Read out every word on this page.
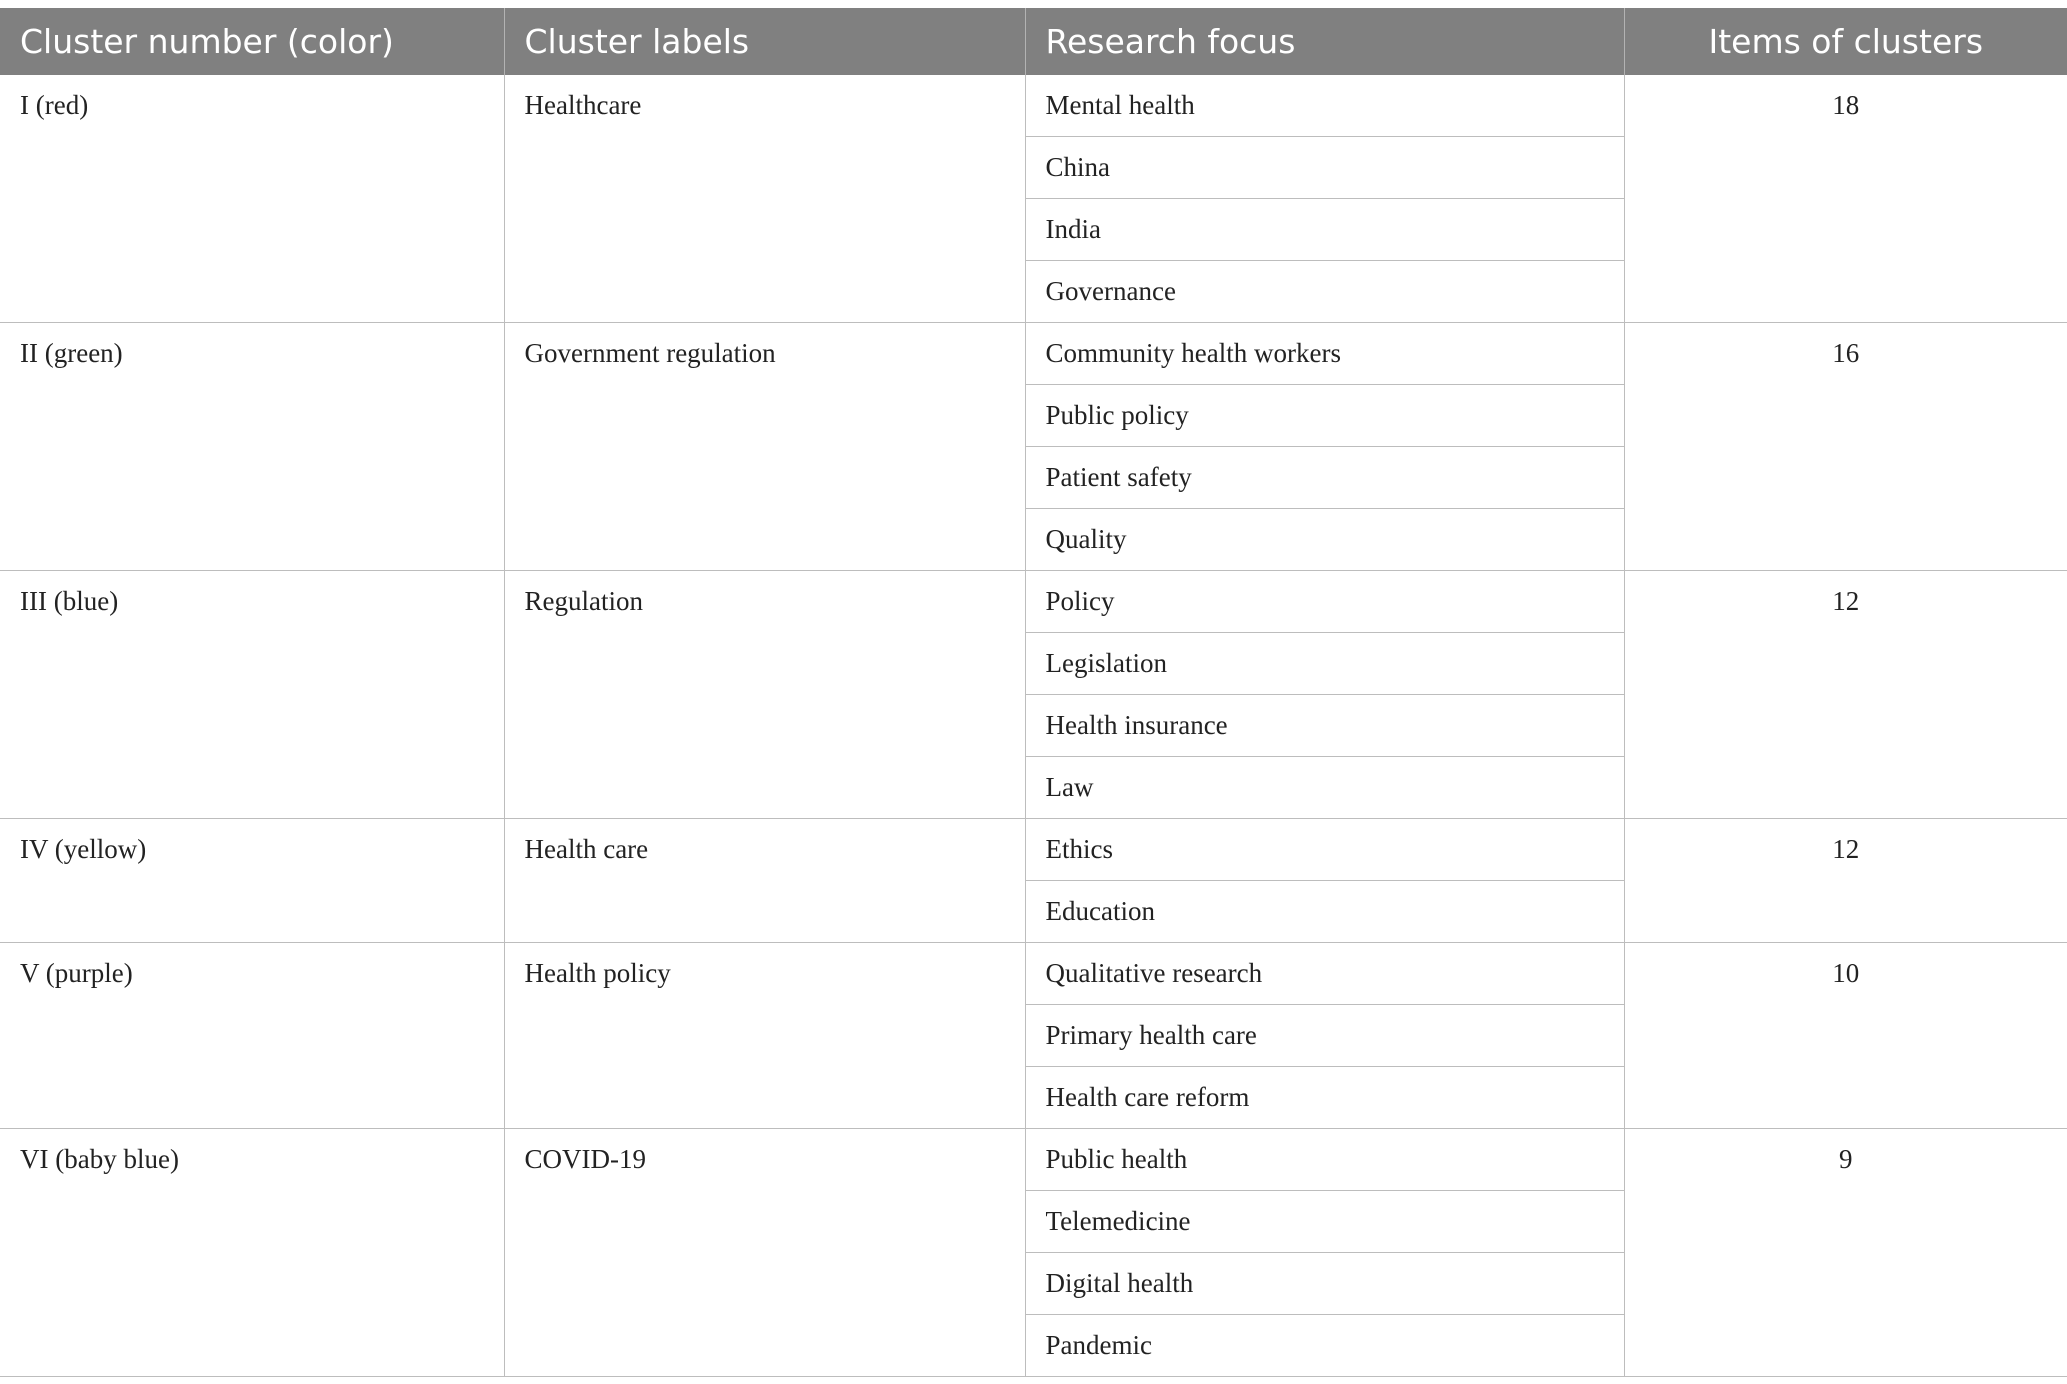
Cluster number (color)	Cluster labels	Research focus	Items of clusters
I (red)	Healthcare	Mental health	18
		China	
		India	
		Governance	
II (green)	Government regulation	Community health workers	16
		Public policy	
		Patient safety	
		Quality	
III (blue)	Regulation	Policy	12
		Legislation	
		Health insurance	
		Law	
IV (yellow)	Health care	Ethics	12
		Education	
V (purple)	Health policy	Qualitative research	10
		Primary health care	
		Health care reform	
VI (baby blue)	COVID-19	Public health	9
		Telemedicine	
		Digital health	
		Pandemic	
